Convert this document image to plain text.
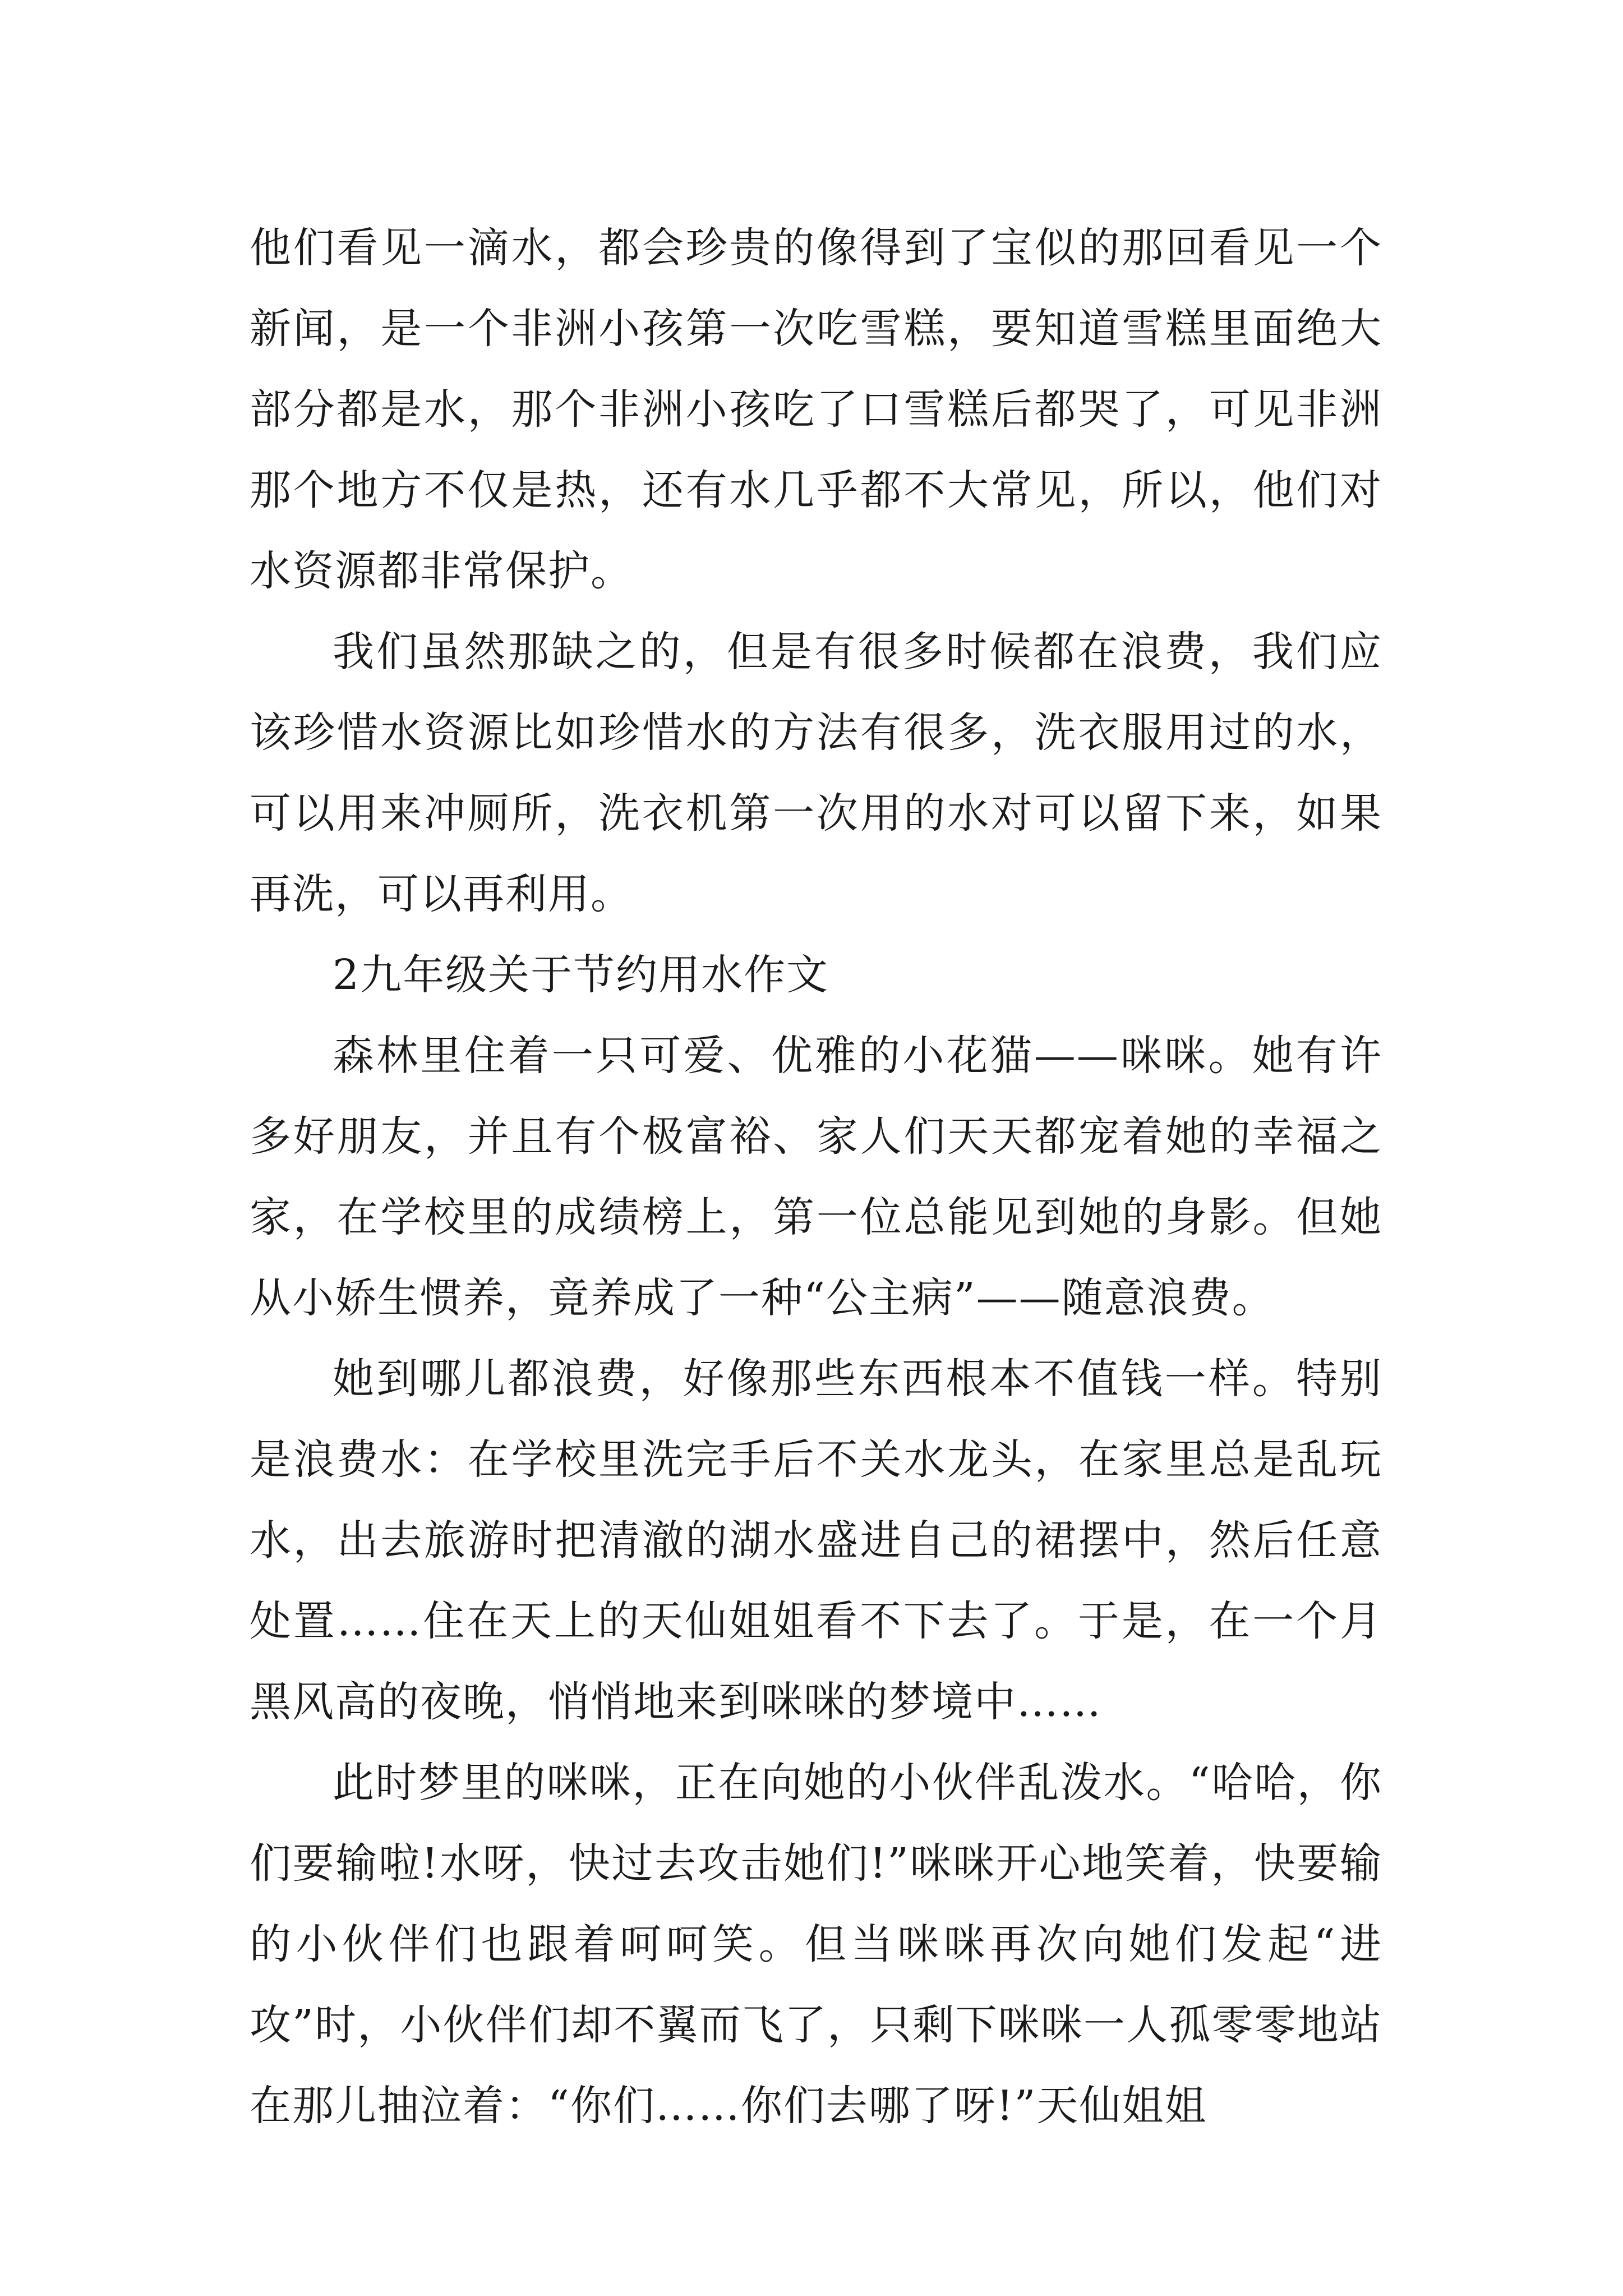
他们看见一滴水，都会珍贵的像得到了宝似的那回看见一个新闻，是一个非洲小孩第一次吃雪糕，要知道雪糕里面绝大部分都是水，那个非洲小孩吃了口雪糕后都哭了，可见非洲那个地方不仅是热，还有水几乎都不大常见，所以，他们对水资源都非常保护。

我们虽然那缺之的，但是有很多时候都在浪费，我们应该珍惜水资源比如珍惜水的方法有很多，洗衣服用过的水，可以用来冲厕所，洗衣机第一次用的水对可以留下来，如果再洗，可以再利用。

2九年级关于节约用水作文

森林里住着一只可爱、优雅的小花猫——咪咪。她有许多好朋友，并且有个极富裕、家人们天天都宠着她的幸福之家，在学校里的成绩榜上，第一位总能见到她的身影。但她从小娇生惯养，竟养成了一种“公主病”——随意浪费。

她到哪儿都浪费，好像那些东西根本不值钱一样。特别是浪费水：在学校里洗完手后不关水龙头，在家里总是乱玩水，出去旅游时把清澈的湖水盛进自己的裙摆中，然后任意处置……住在天上的天仙姐姐看不下去了。于是，在一个月黑风高的夜晚，悄悄地来到咪咪的梦境中……

此时梦里的咪咪，正在向她的小伙伴乱泼水。“哈哈，你们要输啦!水呀，快过去攻击她们!”咪咪开心地笑着，快要输的小伙伴们也跟着呵呵笑。但当咪咪再次向她们发起“进攻”时，小伙伴们却不翼而飞了，只剩下咪咪一人孤零零地站在那儿抽泣着：“你们……你们去哪了呀!”天仙姐姐
